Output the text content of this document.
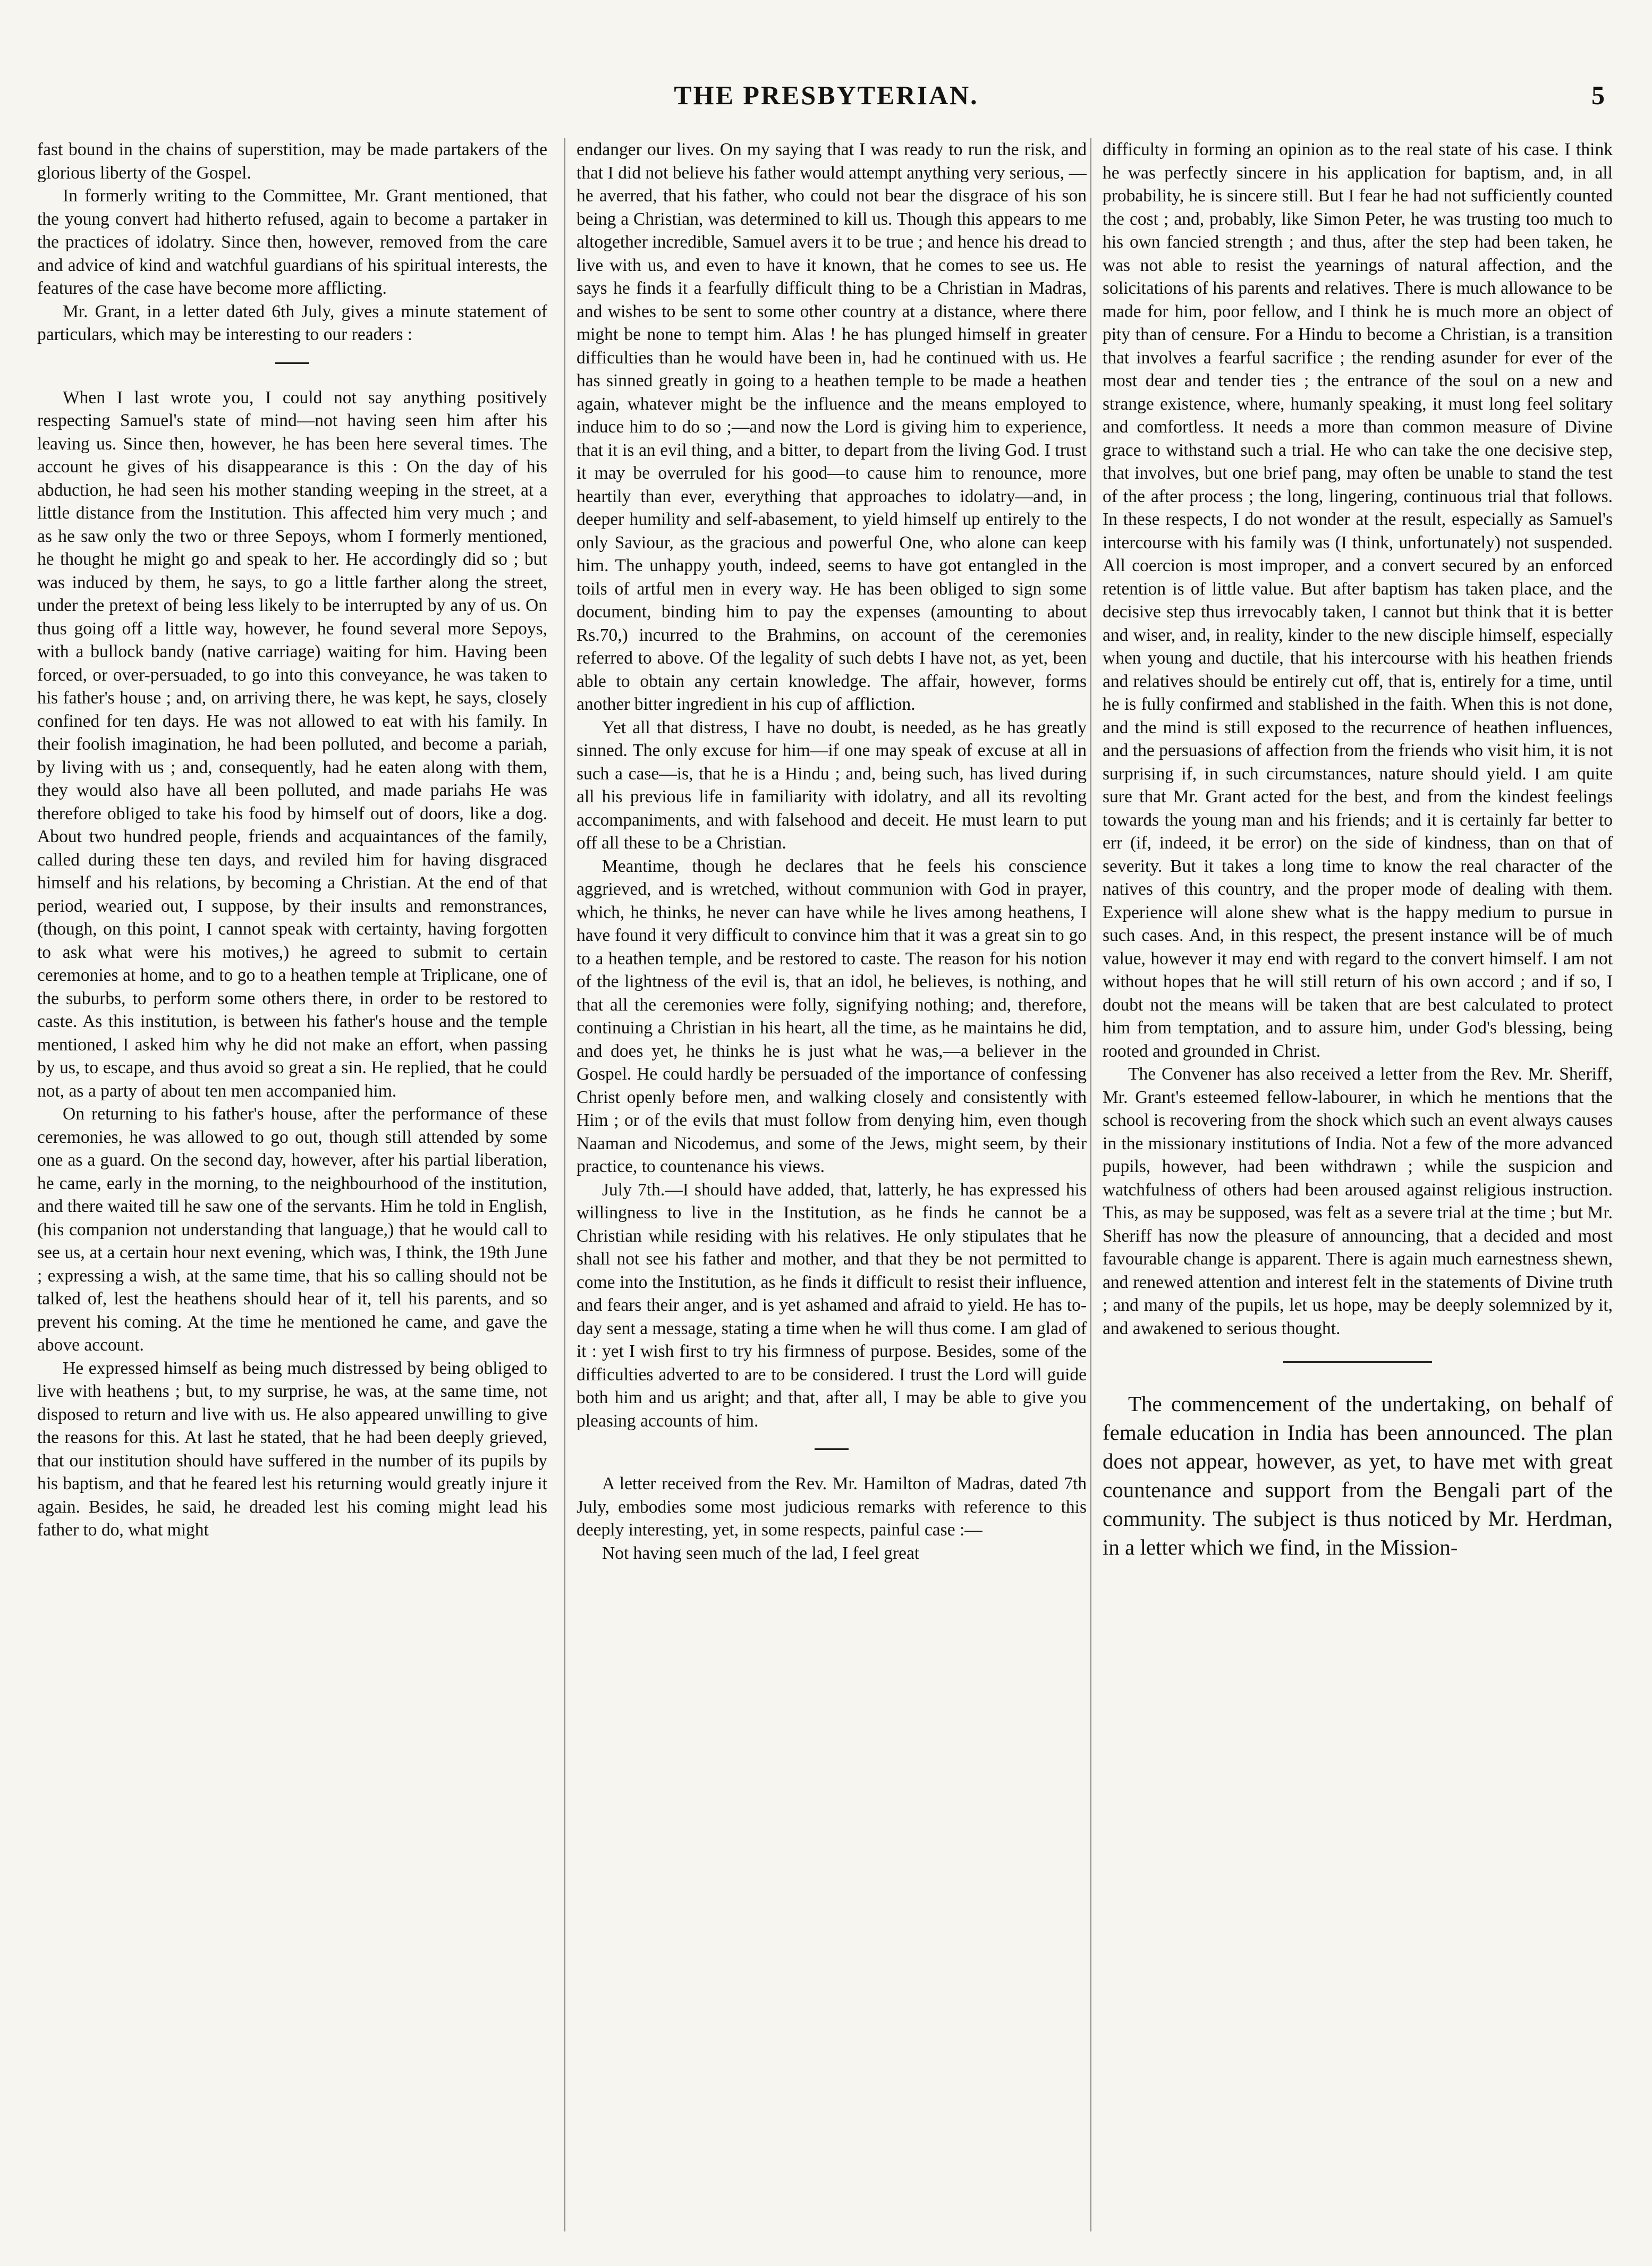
THE PRESBYTERIAN.	5

fast bound in the chains of superstition, may be made partakers of the glorious liberty of the Gospel.

In formerly writing to the Committee, Mr. Grant mentioned, that the young convert had hitherto refused, again to become a partaker in the practices of idolatry. Since then, however, removed from the care and advice of kind and watchful guardians of his spiritual interests, the features of the case have become more afflicting.

Mr. Grant, in a letter dated 6th July, gives a minute statement of particulars, which may be interesting to our readers :

When I last wrote you, I could not say anything positively respecting Samuel's state of mind—not having seen him after his leaving us. Since then, however, he has been here several times. The account he gives of his disappearance is this : On the day of his abduction, he had seen his mother standing weeping in the street, at a little distance from the Institution. This affected him very much ; and as he saw only the two or three Sepoys, whom I formerly mentioned, he thought he might go and speak to her. He accordingly did so ; but was induced by them, he says, to go a little farther along the street, under the pretext of being less likely to be interrupted by any of us. On thus going off a little way, however, he found several more Sepoys, with a bullock bandy (native carriage) waiting for him. Having been forced, or over-persuaded, to go into this conveyance, he was taken to his father's house ; and, on arriving there, he was kept, he says, closely confined for ten days. He was not allowed to eat with his family. In their foolish imagination, he had been polluted, and become a pariah, by living with us ; and, consequently, had he eaten along with them, they would also have all been polluted, and made pariahs He was therefore obliged to take his food by himself out of doors, like a dog. About two hundred people, friends and acquaintances of the family, called during these ten days, and reviled him for having disgraced himself and his relations, by becoming a Christian. At the end of that period, wearied out, I suppose, by their insults and remonstrances, (though, on this point, I cannot speak with certainty, having forgotten to ask what were his motives,) he agreed to submit to certain ceremonies at home, and to go to a heathen temple at Triplicane, one of the suburbs, to perform some others there, in order to be restored to caste. As this institution, is between his father's house and the temple mentioned, I asked him why he did not make an effort, when passing by us, to escape, and thus avoid so great a sin. He replied, that he could not, as a party of about ten men accompanied him.

On returning to his father's house, after the performance of these ceremonies, he was allowed to go out, though still attended by some one as a guard. On the second day, however, after his partial liberation, he came, early in the morning, to the neighbourhood of the institution, and there waited till he saw one of the servants. Him he told in English, (his companion not understanding that language,) that he would call to see us, at a certain hour next evening, which was, I think, the 19th June ; expressing a wish, at the same time, that his so calling should not be talked of, lest the heathens should hear of it, tell his parents, and so prevent his coming. At the time he mentioned he came, and gave the above account.

He expressed himself as being much distressed by being obliged to live with heathens ; but, to my surprise, he was, at the same time, not disposed to return and live with us. He also appeared unwilling to give the reasons for this. At last he stated, that he had been deeply grieved, that our institution should have suffered in the number of its pupils by his baptism, and that he feared lest his returning would greatly injure it again. Besides, he said, he dreaded lest his coming might lead his father to do, what might

endanger our lives. On my saying that I was ready to run the risk, and that I did not believe his father would attempt anything very serious, —he averred, that his father, who could not bear the disgrace of his son being a Christian, was determined to kill us. Though this appears to me altogether incredible, Samuel avers it to be true ; and hence his dread to live with us, and even to have it known, that he comes to see us. He says he finds it a fearfully difficult thing to be a Christian in Madras, and wishes to be sent to some other country at a distance, where there might be none to tempt him. Alas ! he has plunged himself in greater difficulties than he would have been in, had he continued with us. He has sinned greatly in going to a heathen temple to be made a heathen again, whatever might be the influence and the means employed to induce him to do so ;—and now the Lord is giving him to experience, that it is an evil thing, and a bitter, to depart from the living God. I trust it may be overruled for his good—to cause him to renounce, more heartily than ever, everything that approaches to idolatry—and, in deeper humility and self-abasement, to yield himself up entirely to the only Saviour, as the gracious and powerful One, who alone can keep him. The unhappy youth, indeed, seems to have got entangled in the toils of artful men in every way. He has been obliged to sign some document, binding him to pay the expenses (amounting to about Rs.70,) incurred to the Brahmins, on account of the ceremonies referred to above. Of the legality of such debts I have not, as yet, been able to obtain any certain knowledge. The affair, however, forms another bitter ingredient in his cup of affliction.

Yet all that distress, I have no doubt, is needed, as he has greatly sinned. The only excuse for him—if one may speak of excuse at all in such a case—is, that he is a Hindu ; and, being such, has lived during all his previous life in familiarity with idolatry, and all its revolting accompaniments, and with falsehood and deceit. He must learn to put off all these to be a Christian.

Meantime, though he declares that he feels his conscience aggrieved, and is wretched, without communion with God in prayer, which, he thinks, he never can have while he lives among heathens, I have found it very difficult to convince him that it was a great sin to go to a heathen temple, and be restored to caste. The reason for his notion of the lightness of the evil is, that an idol, he believes, is nothing, and that all the ceremonies were folly, signifying nothing; and, therefore, continuing a Christian in his heart, all the time, as he maintains he did, and does yet, he thinks he is just what he was,—a believer in the Gospel. He could hardly be persuaded of the importance of confessing Christ openly before men, and walking closely and consistently with Him ; or of the evils that must follow from denying him, even though Naaman and Nicodemus, and some of the Jews, might seem, by their practice, to countenance his views.

July 7th.—I should have added, that, latterly, he has expressed his willingness to live in the Institution, as he finds he cannot be a Christian while residing with his relatives. He only stipulates that he shall not see his father and mother, and that they be not permitted to come into the Institution, as he finds it difficult to resist their influence, and fears their anger, and is yet ashamed and afraid to yield. He has to-day sent a message, stating a time when he will thus come. I am glad of it : yet I wish first to try his firmness of purpose. Besides, some of the difficulties adverted to are to be considered. I trust the Lord will guide both him and us aright; and that, after all, I may be able to give you pleasing accounts of him.

A letter received from the Rev. Mr. Hamilton of Madras, dated 7th July, embodies some most judicious remarks with reference to this deeply interesting, yet, in some respects, painful case :—

Not having seen much of the lad, I feel great

difficulty in forming an opinion as to the real state of his case. I think he was perfectly sincere in his application for baptism, and, in all probability, he is sincere still. But I fear he had not sufficiently counted the cost ; and, probably, like Simon Peter, he was trusting too much to his own fancied strength ; and thus, after the step had been taken, he was not able to resist the yearnings of natural affection, and the solicitations of his parents and relatives. There is much allowance to be made for him, poor fellow, and I think he is much more an object of pity than of censure. For a Hindu to become a Christian, is a transition that involves a fearful sacrifice ; the rending asunder for ever of the most dear and tender ties ; the entrance of the soul on a new and strange existence, where, humanly speaking, it must long feel solitary and comfortless. It needs a more than common measure of Divine grace to withstand such a trial. He who can take the one decisive step, that involves, but one brief pang, may often be unable to stand the test of the after process ; the long, lingering, continuous trial that follows. In these respects, I do not wonder at the result, especially as Samuel's intercourse with his family was (I think, unfortunately) not suspended. All coercion is most improper, and a convert secured by an enforced retention is of little value. But after baptism has taken place, and the decisive step thus irrevocably taken, I cannot but think that it is better and wiser, and, in reality, kinder to the new disciple himself, especially when young and ductile, that his intercourse with his heathen friends and relatives should be entirely cut off, that is, entirely for a time, until he is fully confirmed and stablished in the faith. When this is not done, and the mind is still exposed to the recurrence of heathen influences, and the persuasions of affection from the friends who visit him, it is not surprising if, in such circumstances, nature should yield. I am quite sure that Mr. Grant acted for the best, and from the kindest feelings towards the young man and his friends; and it is certainly far better to err (if, indeed, it be error) on the side of kindness, than on that of severity. But it takes a long time to know the real character of the natives of this country, and the proper mode of dealing with them. Experience will alone shew what is the happy medium to pursue in such cases. And, in this respect, the present instance will be of much value, however it may end with regard to the convert himself. I am not without hopes that he will still return of his own accord ; and if so, I doubt not the means will be taken that are best calculated to protect him from temptation, and to assure him, under God's blessing, being rooted and grounded in Christ.

The Convener has also received a letter from the Rev. Mr. Sheriff, Mr. Grant's esteemed fellow-labourer, in which he mentions that the school is recovering from the shock which such an event always causes in the missionary institutions of India. Not a few of the more advanced pupils, however, had been withdrawn ; while the suspicion and watchfulness of others had been aroused against religious instruction. This, as may be supposed, was felt as a severe trial at the time ; but Mr. Sheriff has now the pleasure of announcing, that a decided and most favourable change is apparent. There is again much earnestness shewn, and renewed attention and interest felt in the statements of Divine truth ; and many of the pupils, let us hope, may be deeply solemnized by it, and awakened to serious thought.

The commencement of the undertaking, on behalf of female education in India has been announced. The plan does not appear, however, as yet, to have met with great countenance and support from the Bengali part of the community. The subject is thus noticed by Mr. Herdman, in a letter which we find, in the Mission-
